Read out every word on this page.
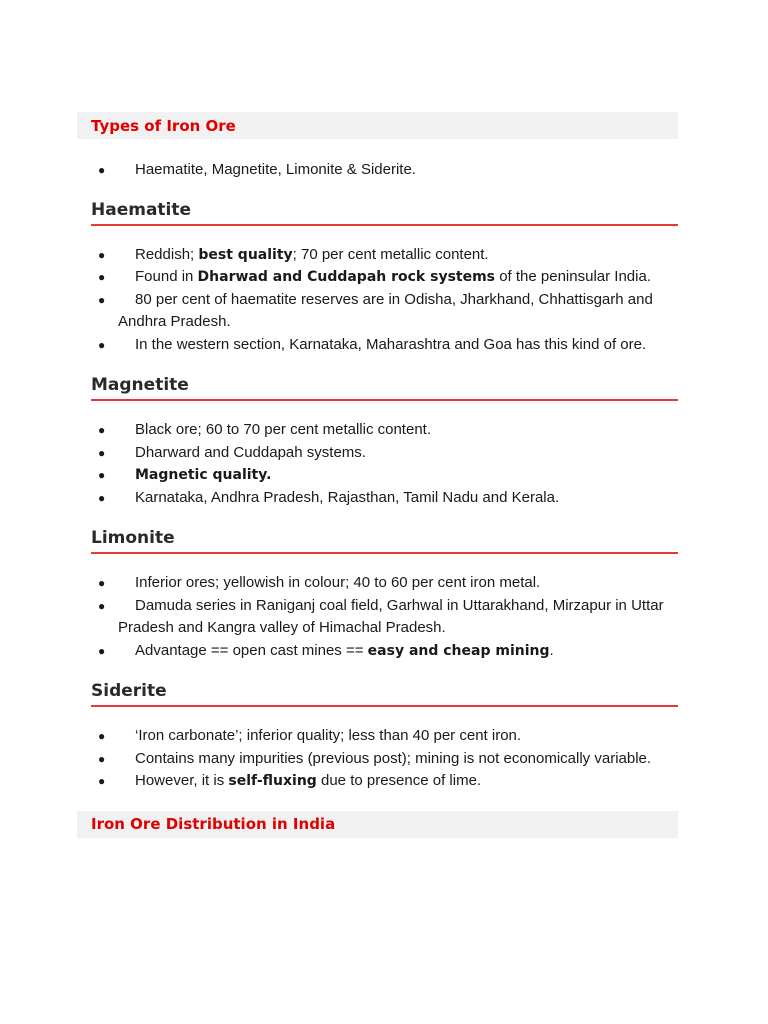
Types of Iron Ore
● Haematite, Magnetite, Limonite & Siderite.
Haematite
● Reddish; best quality; 70 per cent metallic content.
● Found in Dharwad and Cuddapah rock systems of the peninsular India.
● 80 per cent of haematite reserves are in Odisha, Jharkhand, Chhattisgarh and Andhra Pradesh.
● In the western section, Karnataka, Maharashtra and Goa has this kind of ore.
Magnetite
● Black ore; 60 to 70 per cent metallic content.
● Dharward and Cuddapah systems.
● Magnetic quality.
● Karnataka, Andhra Pradesh, Rajasthan, Tamil Nadu and Kerala.
Limonite
● Inferior ores; yellowish in colour; 40 to 60 per cent iron metal.
● Damuda series in Raniganj coal field, Garhwal in Uttarakhand, Mirzapur in Uttar Pradesh and Kangra valley of Himachal Pradesh.
● Advantage == open cast mines == easy and cheap mining.
Siderite
● ‘Iron carbonate’; inferior quality; less than 40 per cent iron.
● Contains many impurities (previous post); mining is not economically variable.
● However, it is self-fluxing due to presence of lime.
Iron Ore Distribution in India
